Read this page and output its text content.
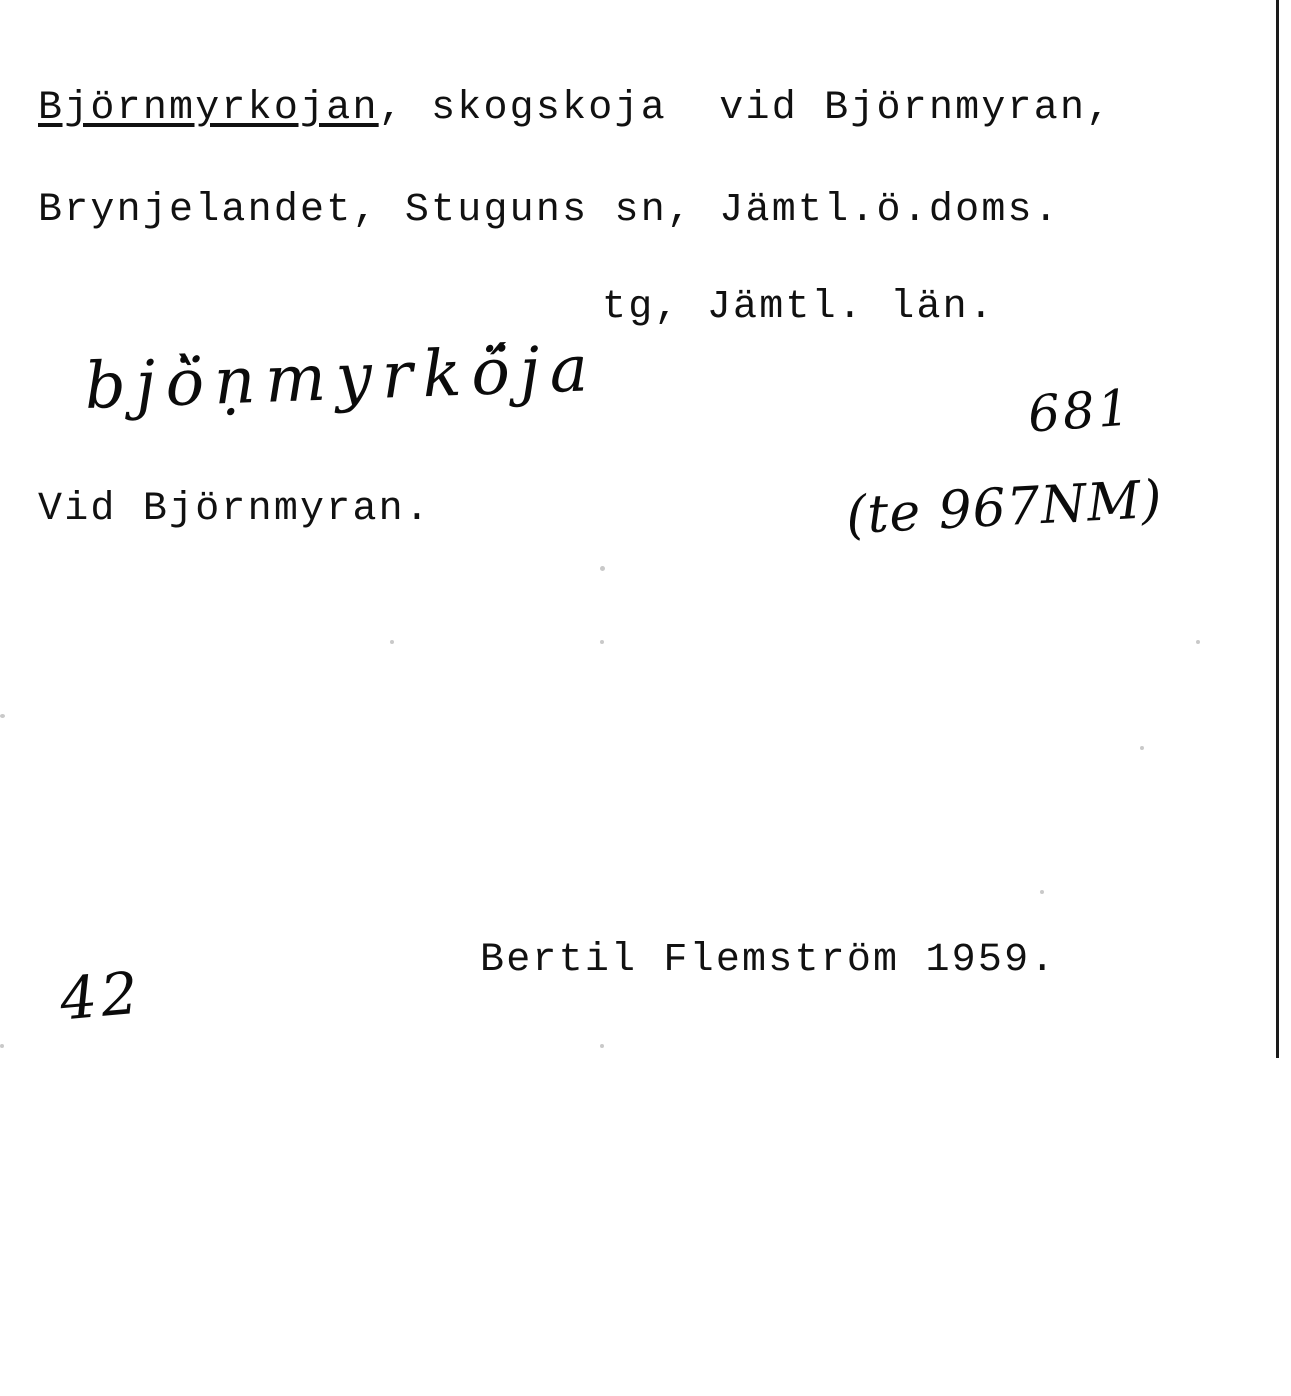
Björnmyrkojan, skogskoja  vid Björnmyran,
Brynjelandet, Stuguns sn, Jämtl.ö.doms.
tg, Jämtl. län.
bjö̀ṇmyrkö́ja	681
Vid Björnmyran.	(te 967NM)
Bertil Flemström 1959.
42
